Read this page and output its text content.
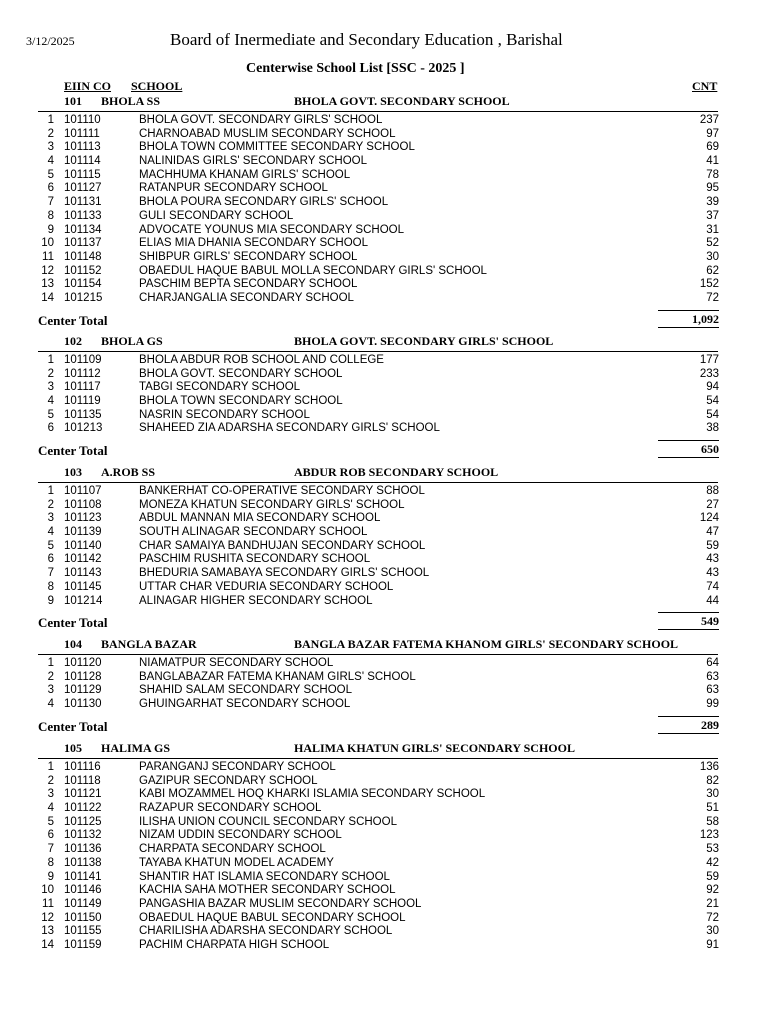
3/12/2025	Board of Inermediate and Secondary Education , Barishal
Centerwise School List [SSC - 2025 ]
EIIN CO SCHOOL	CNT
101 BHOLA SS	BHOLA GOVT. SECONDARY SCHOOL
1 101110	BHOLA GOVT. SECONDARY GIRLS' SCHOOL	237
2 101111	CHARNOABAD MUSLIM SECONDARY SCHOOL	97
3 101113	BHOLA TOWN COMMITTEE SECONDARY SCHOOL	69
4 101114	NALINIDAS GIRLS' SECONDARY SCHOOL	41
5 101115	MACHHUMA KHANAM GIRLS' SCHOOL	78
6 101127	RATANPUR SECONDARY SCHOOL	95
7 101131	BHOLA POURA SECONDARY GIRLS' SCHOOL	39
8 101133	GULI SECONDARY SCHOOL	37
9 101134	ADVOCATE YOUNUS MIA SECONDARY SCHOOL	31
10 101137	ELIAS MIA DHANIA SECONDARY SCHOOL	52
11 101148	SHIBPUR GIRLS' SECONDARY SCHOOL	30
12 101152	OBAEDUL HAQUE BABUL MOLLA SECONDARY GIRLS' SCHOOL	62
13 101154	PASCHIM BEPTA SECONDARY SCHOOL	152
14 101215	CHARJANGALIA SECONDARY SCHOOL	72
Center Total	1,092
102 BHOLA GS	BHOLA GOVT. SECONDARY GIRLS' SCHOOL
1 101109	BHOLA ABDUR ROB SCHOOL AND COLLEGE	177
2 101112	BHOLA GOVT. SECONDARY SCHOOL	233
3 101117	TABGI SECONDARY SCHOOL	94
4 101119	BHOLA TOWN SECONDARY SCHOOL	54
5 101135	NASRIN SECONDARY SCHOOL	54
6 101213	SHAHEED ZIA ADARSHA SECONDARY GIRLS' SCHOOL	38
Center Total	650
103 A.ROB SS	ABDUR ROB SECONDARY SCHOOL
1 101107	BANKERHAT CO-OPERATIVE SECONDARY SCHOOL	88
2 101108	MONEZA KHATUN SECONDARY GIRLS' SCHOOL	27
3 101123	ABDUL MANNAN MIA SECONDARY SCHOOL	124
4 101139	SOUTH ALINAGAR SECONDARY SCHOOL	47
5 101140	CHAR SAMAIYA BANDHUJAN SECONDARY SCHOOL	59
6 101142	PASCHIM RUSHITA SECONDARY SCHOOL	43
7 101143	BHEDURIA SAMABAYA SECONDARY GIRLS' SCHOOL	43
8 101145	UTTAR CHAR VEDURIA SECONDARY SCHOOL	74
9 101214	ALINAGAR HIGHER SECONDARY SCHOOL	44
Center Total	549
104 BANGLA BAZAR	BANGLA BAZAR FATEMA KHANOM GIRLS' SECONDARY SCHOOL
1 101120	NIAMATPUR SECONDARY SCHOOL	64
2 101128	BANGLABAZAR FATEMA KHANAM GIRLS' SCHOOL	63
3 101129	SHAHID SALAM SECONDARY SCHOOL	63
4 101130	GHUINGARHAT SECONDARY SCHOOL	99
Center Total	289
105 HALIMA GS	HALIMA KHATUN GIRLS' SECONDARY SCHOOL
1 101116	PARANGANJ SECONDARY SCHOOL	136
2 101118	GAZIPUR SECONDARY SCHOOL	82
3 101121	KABI MOZAMMEL HOQ KHARKI ISLAMIA SECONDARY SCHOOL	30
4 101122	RAZAPUR SECONDARY SCHOOL	51
5 101125	ILISHA UNION COUNCIL SECONDARY SCHOOL	58
6 101132	NIZAM UDDIN SECONDARY SCHOOL	123
7 101136	CHARPATA SECONDARY SCHOOL	53
8 101138	TAYABA KHATUN MODEL ACADEMY	42
9 101141	SHANTIR HAT ISLAMIA SECONDARY SCHOOL	59
10 101146	KACHIA SAHA MOTHER SECONDARY SCHOOL	92
11 101149	PANGASHIA BAZAR MUSLIM SECONDARY SCHOOL	21
12 101150	OBAEDUL HAQUE BABUL SECONDARY SCHOOL	72
13 101155	CHARILISHA ADARSHA SECONDARY SCHOOL	30
14 101159	PACHIM CHARPATA HIGH SCHOOL	91
